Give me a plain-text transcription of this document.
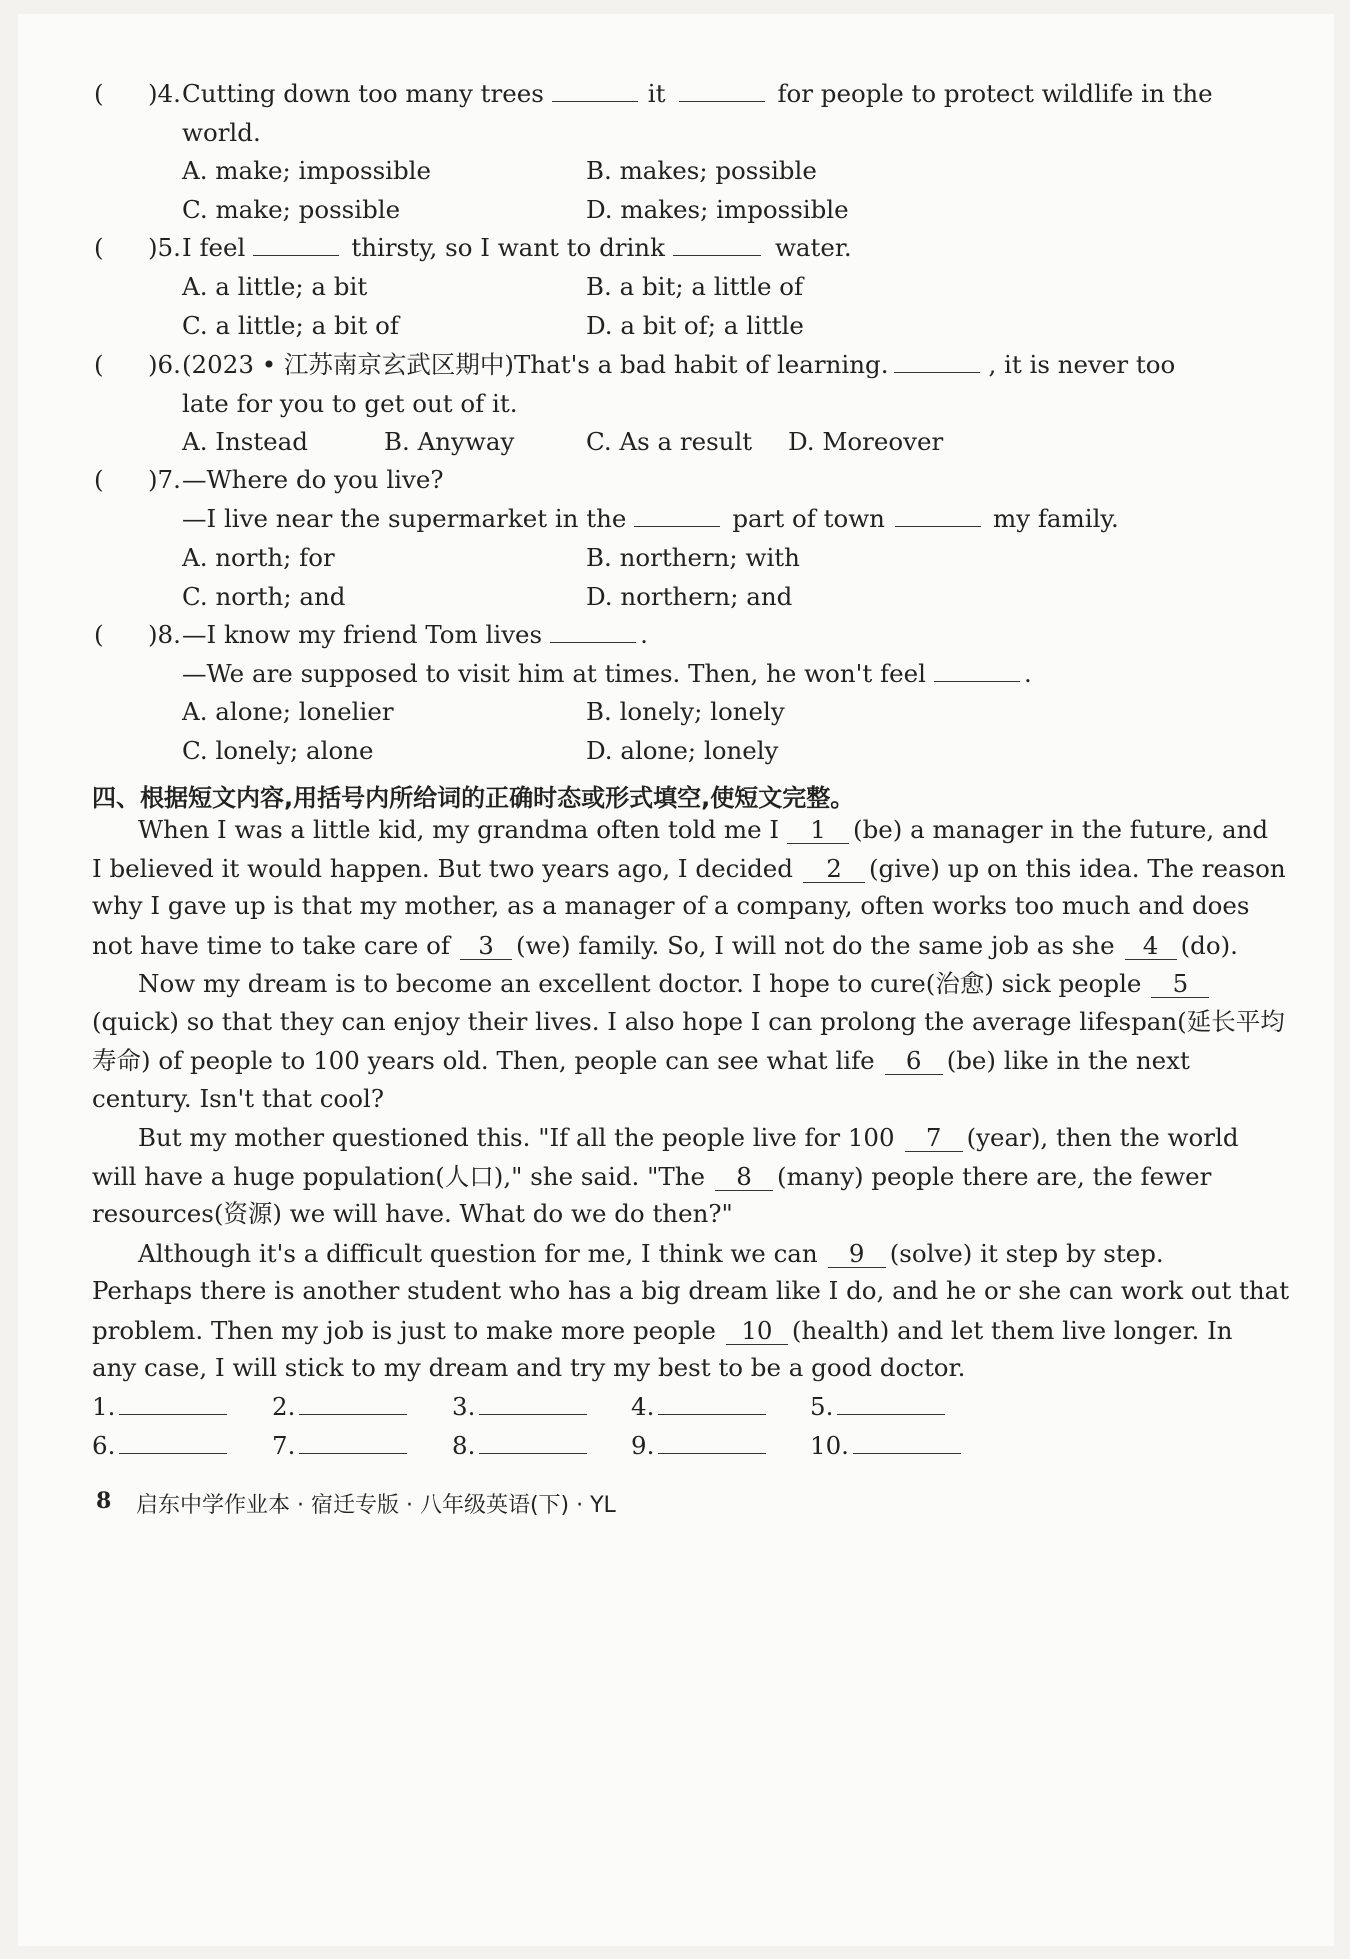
( )4. Cutting down too many trees	it	for people to protect wildlife in the
world.
A. make; impossible	B. makes; possible
C. make; possible	D. makes; impossible
( )5. I feel	thirsty, so I want to drink	water.
A. a little; a bit	B. a bit; a little of
C. a little; a bit of	D. a bit of; a little
( )6. (2023 • 江苏南京玄武区期中)That's a bad habit of learning.	, it is never too
late for you to get out of it.
A. Instead	B. Anyway	C. As a result D. Moreover
( )7. —Where do you live?
—I live near the supermarket in the	part of town	my family.
A. north; for	B. northern; with
C. north; and	D. northern; and
( )8. —I know my friend Tom lives	.
—We are supposed to visit him at times. Then, he won't feel	.
A. alone; lonelier	B. lonely; lonely
C. lonely; alone	D. alone; lonely
四、根据短文内容,用括号内所给词的正确时态或形式填空,使短文完整。
When I was a little kid, my grandma often told me I 1 (be) a manager in the future, and
I believed it would happen. But two years ago, I decided 2 (give) up on this idea. The reason
why I gave up is that my mother, as a manager of a company, often works too much and does
not have time to take care of 3 (we) family. So, I will not do the same job as she 4 (do).
Now my dream is to become an excellent doctor. I hope to cure(治愈) sick people 5
(quick) so that they can enjoy their lives. I also hope I can prolong the average lifespan(延长平均
寿命) of people to 100 years old. Then, people can see what life 6 (be) like in the next
century. Isn't that cool?
But my mother questioned this. "If all the people live for 100 7 (year), then the world
will have a huge population(人口)," she said. "The 8 (many) people there are, the fewer
resources(资源) we will have. What do we do then?"
Although it's a difficult question for me, I think we can 9 (solve) it step by step.
Perhaps there is another student who has a big dream like I do, and he or she can work out that
problem. Then my job is just to make more people 10 (health) and let them live longer. In
any case, I will stick to my dream and try my best to be a good doctor.
1.	2.	3.	4.	5.
6.	7.	8.	9.	10.
8 启东中学作业本 · 宿迁专版 · 八年级英语(下) · YL
